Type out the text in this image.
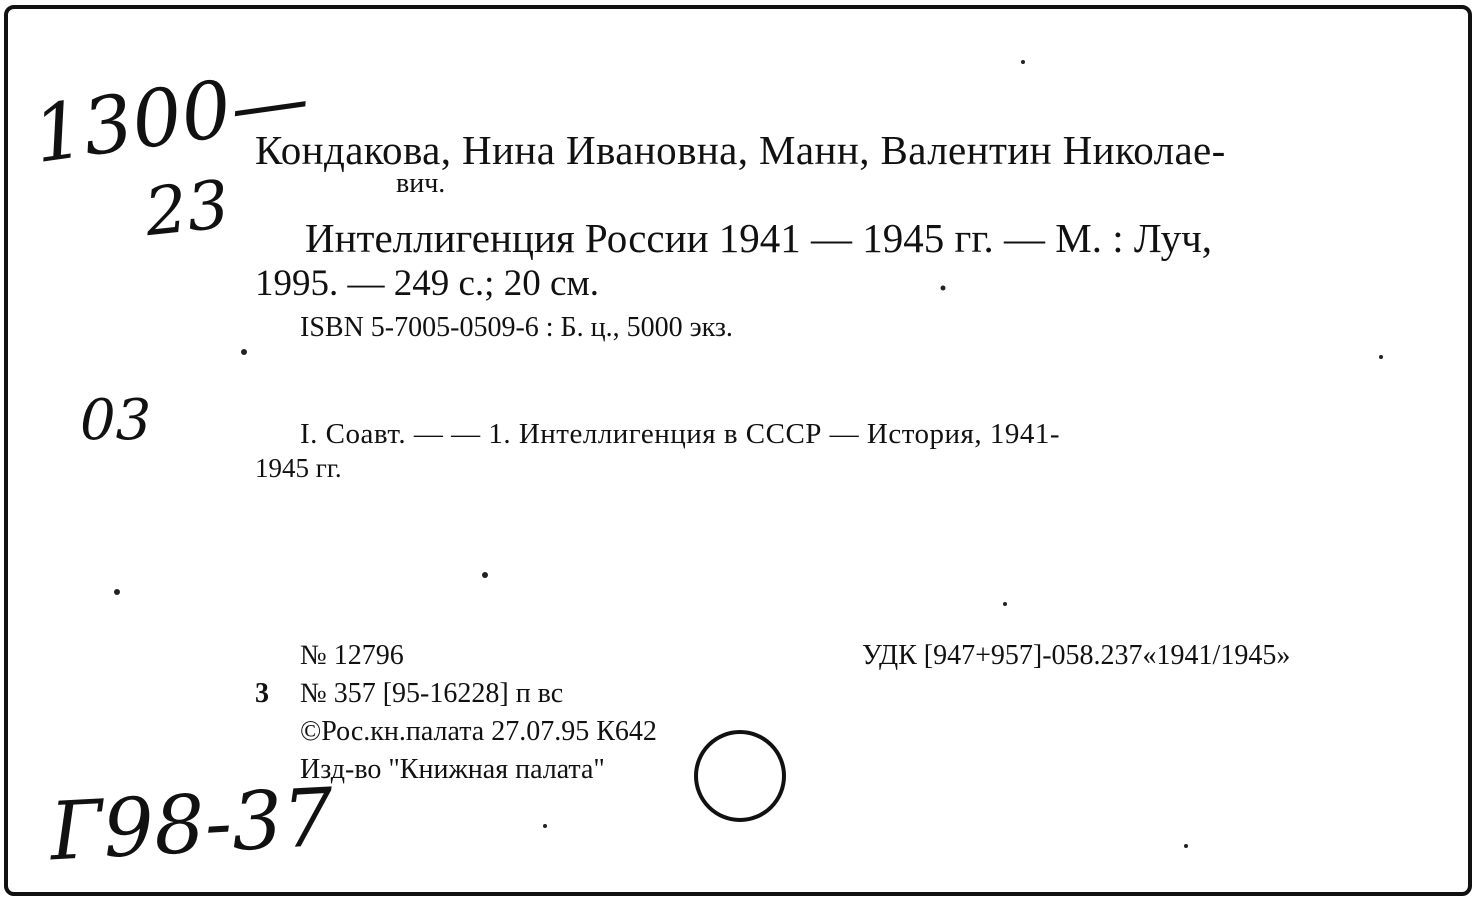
Кондакова, Нина Ивановна, Манн, Валентин Николае-
вич.
Интеллигенция России 1941 — 1945 гг. — М. : Луч,
1995. — 249 с.; 20 см.
ISBN 5-7005-0509-6 : Б. ц., 5000 экз.
I. Соавт. — — 1. Интеллигенция в СССР — История, 1941-
1945 гг.
№ 12796	УДК [947+957]-058.237«1941/1945»
3 № 357 [95-16228] п вс
©Рос.кн.палата 27.07.95 К642
Изд-во "Книжная палата"
1300—
23
03
Г98-37
